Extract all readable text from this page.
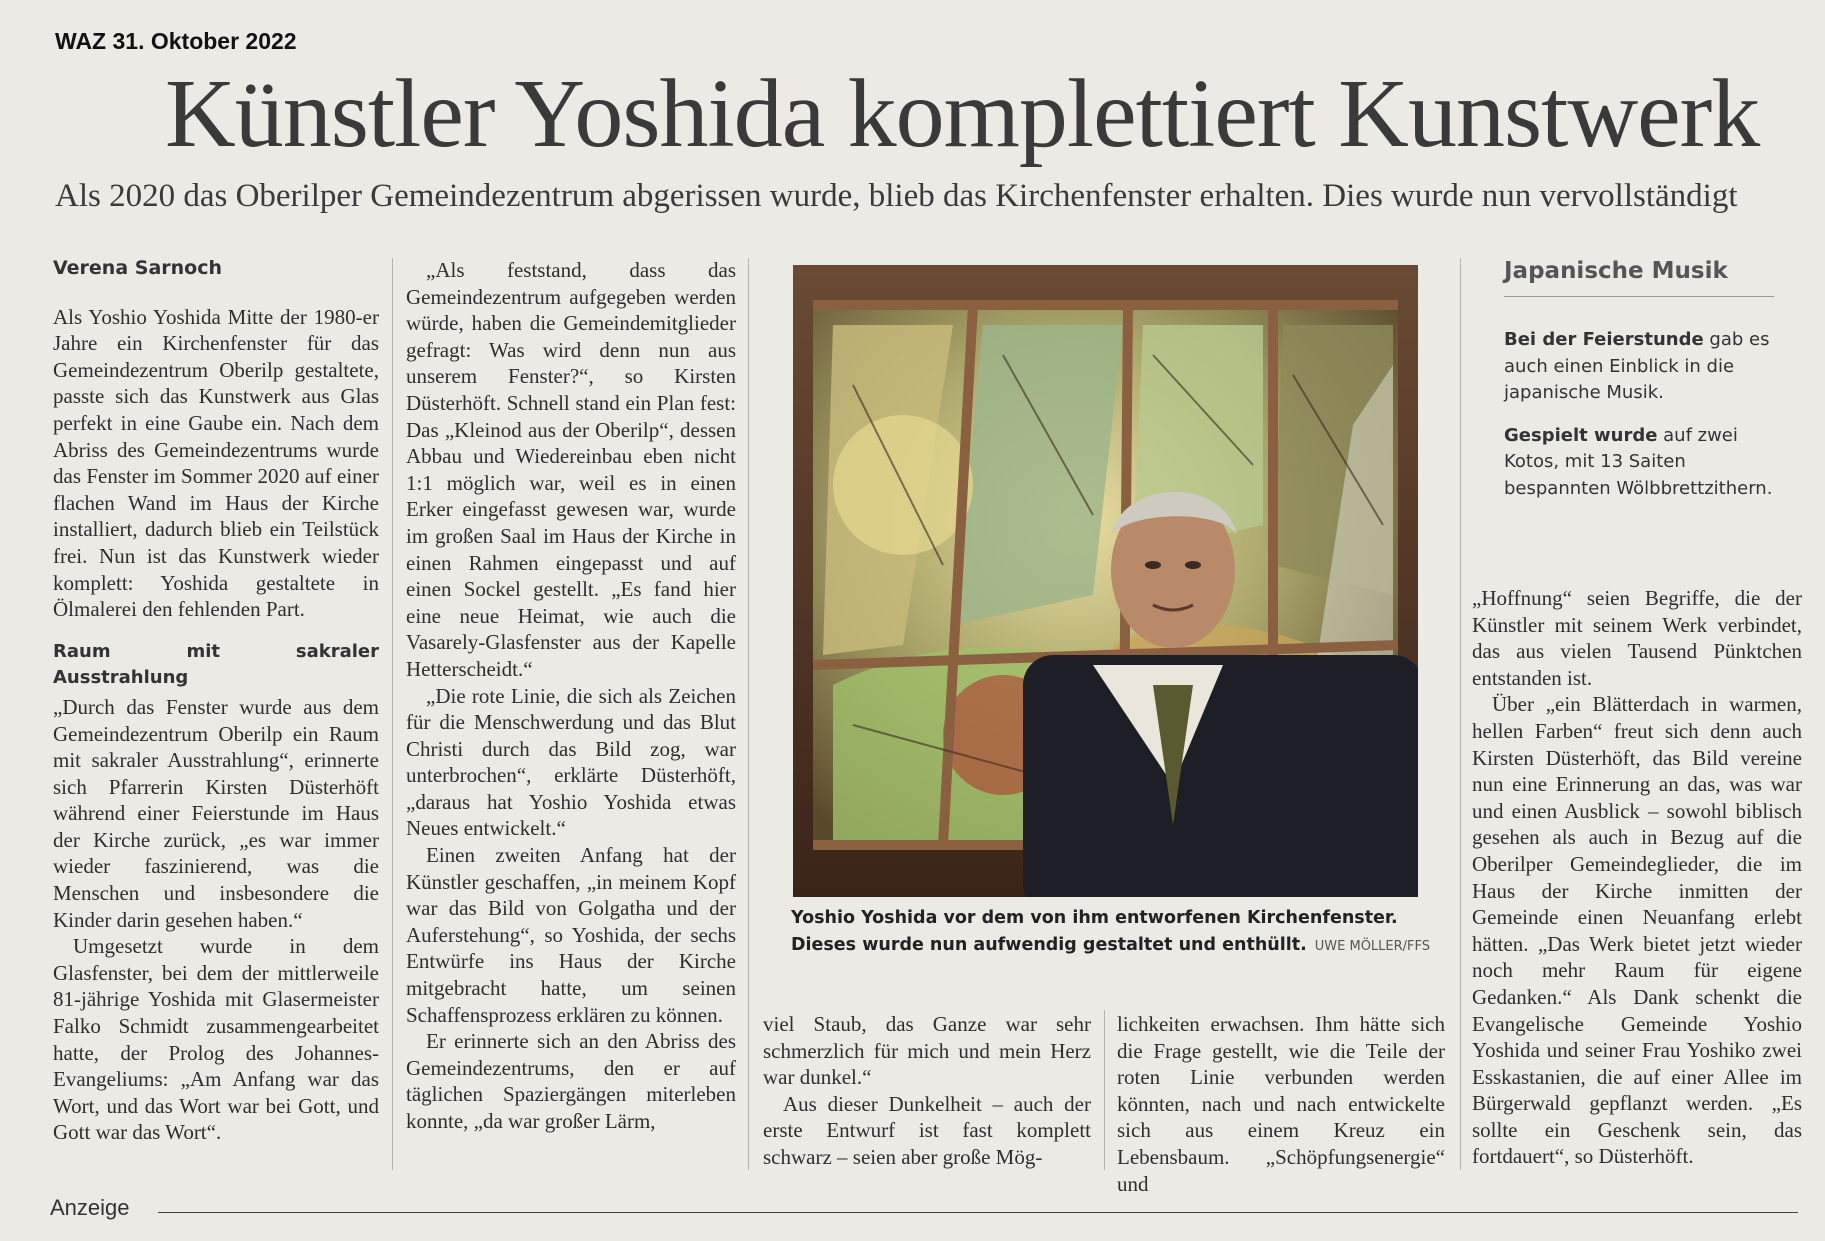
WAZ 31. Oktober 2022
Künstler Yoshida komplettiert Kunstwerk
Als 2020 das Oberilper Gemeindezentrum abgerissen wurde, blieb das Kirchenfenster erhalten. Dies wurde nun vervollständigt
Verena Sarnoch

Als Yoshio Yoshida Mitte der 1980-er Jahre ein Kirchenfenster für das Gemeindezentrum Oberilp gestaltete, passte sich das Kunstwerk aus Glas perfekt in eine Gaube ein. Nach dem Abriss des Gemeindezentrums wurde das Fenster im Sommer 2020 auf einer flachen Wand im Haus der Kirche installiert, dadurch blieb ein Teilstück frei. Nun ist das Kunstwerk wieder komplett: Yoshida gestaltete in Ölmalerei den fehlenden Part.

Raum mit sakraler Ausstrahlung

„Durch das Fenster wurde aus dem Gemeindezentrum Oberilp ein Raum mit sakraler Ausstrahlung“, erinnerte sich Pfarrerin Kirsten Düsterhöft während einer Feierstunde im Haus der Kirche zurück, „es war immer wieder faszinierend, was die Menschen und insbesondere die Kinder darin gesehen haben.“

Umgesetzt wurde in dem Glasfenster, bei dem der mittlerweile 81-jährige Yoshida mit Glasermeister Falko Schmidt zusammengearbeitet hatte, der Prolog des Johannes-Evangeliums: „Am Anfang war das Wort, und das Wort war bei Gott, und Gott war das Wort“.

„Als feststand, dass das Gemeindezentrum aufgegeben werden würde, haben die Gemeindemitglieder gefragt: Was wird denn nun aus unserem Fenster?“, so Kirsten Düsterhöft. Schnell stand ein Plan fest: Das „Kleinod aus der Oberilp“, dessen Abbau und Wiedereinbau eben nicht 1:1 möglich war, weil es in einen Erker eingefasst gewesen war, wurde im großen Saal im Haus der Kirche in einen Rahmen eingepasst und auf einen Sockel gestellt. „Es fand hier eine neue Heimat, wie auch die Vasarely-Glasfenster aus der Kapelle Hetterscheidt.“

„Die rote Linie, die sich als Zeichen für die Menschwerdung und das Blut Christi durch das Bild zog, war unterbrochen“, erklärte Düsterhöft, „daraus hat Yoshio Yoshida etwas Neues entwickelt.“

Einen zweiten Anfang hat der Künstler geschaffen, „in meinem Kopf war das Bild von Golgatha und der Auferstehung“, so Yoshida, der sechs Entwürfe ins Haus der Kirche mitgebracht hatte, um seinen Schaffensprozess erklären zu können.

Er erinnerte sich an den Abriss des Gemeindezentrums, den er auf täglichen Spaziergängen miterleben konnte, „da war großer Lärm,

Yoshio Yoshida vor dem von ihm entworfenen Kirchenfenster.
Dieses wurde nun aufwendig gestaltet und enthüllt. UWE MÖLLER/FFS

viel Staub, das Ganze war sehr schmerzlich für mich und mein Herz war dunkel.“

Aus dieser Dunkelheit – auch der erste Entwurf ist fast komplett schwarz – seien aber große Mög-

lichkeiten erwachsen. Ihm hätte sich die Frage gestellt, wie die Teile der roten Linie verbunden werden könnten, nach und nach entwickelte sich aus einem Kreuz ein Lebensbaum. „Schöpfungsenergie“ und

Japanische Musik

Bei der Feierstunde gab es auch einen Einblick in die japanische Musik.

Gespielt wurde auf zwei Kotos, mit 13 Saiten bespannten Wölbbrettzithern.

„Hoffnung“ seien Begriffe, die der Künstler mit seinem Werk verbindet, das aus vielen Tausend Pünktchen entstanden ist.

Über „ein Blätterdach in warmen, hellen Farben“ freut sich denn auch Kirsten Düsterhöft, das Bild vereine nun eine Erinnerung an das, was war und einen Ausblick – sowohl biblisch gesehen als auch in Bezug auf die Oberilper Gemeindeglieder, die im Haus der Kirche inmitten der Gemeinde einen Neuanfang erlebt hätten. „Das Werk bietet jetzt wieder noch mehr Raum für eigene Gedanken.“ Als Dank schenkt die Evangelische Gemeinde Yoshio Yoshida und seiner Frau Yoshiko zwei Esskastanien, die auf einer Allee im Bürgerwald gepflanzt werden. „Es sollte ein Geschenk sein, das fortdauert“, so Düsterhöft.

Anzeige
